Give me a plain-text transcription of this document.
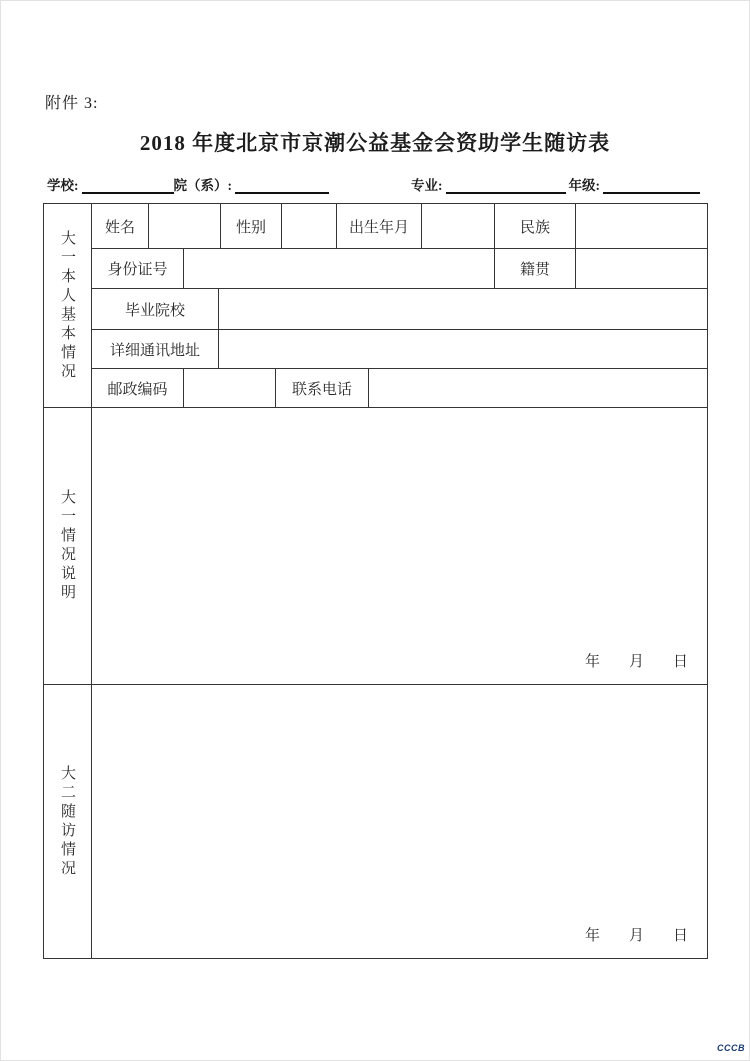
附件 3:
2018 年度北京市京潮公益基金会资助学生随访表
学校:	院（系）:	专业:	年级:
大一本人基本情况
姓名	性别	出生年月	民族
身份证号	籍贯
毕业院校
详细通讯地址
邮政编码	联系电话
大一情况说明
年　月　日
大二随访情况
年　月　日
CCCB
